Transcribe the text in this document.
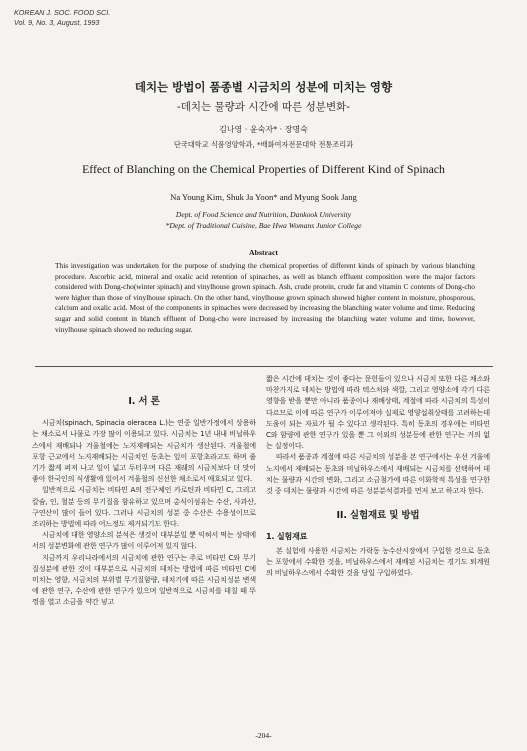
KOREAN J. SOC. FOOD SCI.
Vol. 9, No. 3, August, 1993
데치는 방법이 품종별 시금치의 성분에 미치는 영향
-데치는 물량과 시간에 따른 성분변화-
김나영 · 윤숙자* · 장명숙
단국대학교 식품영양학과, *배화여자전문대학 전통조리과
Effect of Blanching on the Chemical Properties of Different Kind of Spinach
Na Young Kim, Shuk Ja Yoon* and Myung Sook Jang
Dept. of Food Science and Nutrition, Dankook University
*Dept. of Traditional Cuisine, Bae Hwa Womans Junior College
Abstract
This investigation was undertaken for the purpose of studying the chemical properties of different kinds of spinach by various blanching procedure. Ascorbic acid, mineral and oxalic acid retention of spinaches, as well as blanch effluent composition were the major factors considered with Dong-cho(winter spinach) and vinylhouse grown spinach. Ash, crude protein, crude fat and vitamin C contents of Dong-cho were higher than those of vinylhouse spinach. On the other hand, vinylhouse grown spinach showed higher content in moisture, phosporous, calcium and oxalic acid. Most of the components in spinaches were decreased by increasing the blanching water volume and time. Reducing sugar and solid content in blanch effluent of Dong-cho were increased by increasing the blanching water volume and time, however, vinylhouse spinach showed no reducing sugar.
I. 서 론

시금치(spinach, Spinacia oleracea L.)는 연중 일반가정에서 상용하는 채소로서 나물로 가장 많이 이용되고 있다. 시금치는 1년 내내 비닐하우스에서 재배되나 겨울철에는 노지재배되는 시금치가 생산된다. 겨울철에 포항 근교에서 노지재배되는 시금치인 동초는 잎이 포항초라고도 하며 줄기가 짧게 퍼져 나고 잎이 넓고 두터우며 다른 재래의 시금치보다 더 맛이 좋아 한국인의 식생활에 있어서 겨울철의 신선한 채소로서 애호되고 있다.

일반적으로 시금치는 비타민 A의 전구체인 카로틴과 비타민 C, 그리고 칼슘, 인, 철분 등의 무기질을 함유하고 있으며 총식이섬유는 수산, 사과산, 구연산이 많이 들어 있다. 그러나 시금치의 성분 중 수산은 수용성이므로 조리하는 방법에 따라 어느정도 제거되기도 한다.

시금치에 대한 영양소의 분석은 생것이 대부분일 뿐 익혀서 먹는 상태에서의 성분변화에 관한 연구가 많이 이루어져 있지 않다.

지금까지 우리나라에서의 시금치에 관한 연구는 주로 비타민 C와 무기질성분에 관한 것이 대부분으로 시금치의 데치는 방법에 따른 비타민 C에 미치는 영향, 시금치의 부위별 무기질함량, 데치기에 따른 시금치성분 변색에 관한 연구, 수산에 관한 연구가 있으며 일반적으로 시금치를 데칠 때 뚜껑을 열고 소금을 약간 넣고

짧은 시간에 데치는 것이 좋다는 문헌들이 있으나 시금치 또한 다른 채소와 마찬가지로 데치는 방법에 따라 텍스처와 색깔, 그리고 영양소에 각기 다른 영향을 받을 뿐만 아니라 품종이나 재배상태, 계절에 따라 시금치의 특성이 다르므로 이에 따른 연구가 이루어져야 실제로 영양섭취상태를 고려하는데 도움이 되는 자료가 될 수 있다고 생각된다. 특히 동초의 경우에는 비타민 C와 함량에 관한 연구가 있을 뿐 그 이외의 성분등에 관한 연구는 거의 없는 실정이다.

따라서 품종과 계절에 따른 시금치의 성분을 본 연구에서는 우선 겨울에 노지에서 재배되는 동초와 비닐하우스에서 재배되는 시금치를 선택하여 데치는 물량과 시간의 변화, 그리고 소금첨가에 따른 이화학적 특성을 연구한 것 중 데치는 물량과 시간에 따른 성분분석결과를 먼저 보고 하고자 한다.

II. 실험재료 및 방법
1. 실험재료

본 실험에 사용한 시금치는 가락동 농수산시장에서 구입한 것으로 동초는 포항에서 수확한 것을, 비닐하우스에서 재배된 시금치는 경기도 퇴계원의 비닐하우스에서 수확한 것을 당일 구입하였다.

-204-
